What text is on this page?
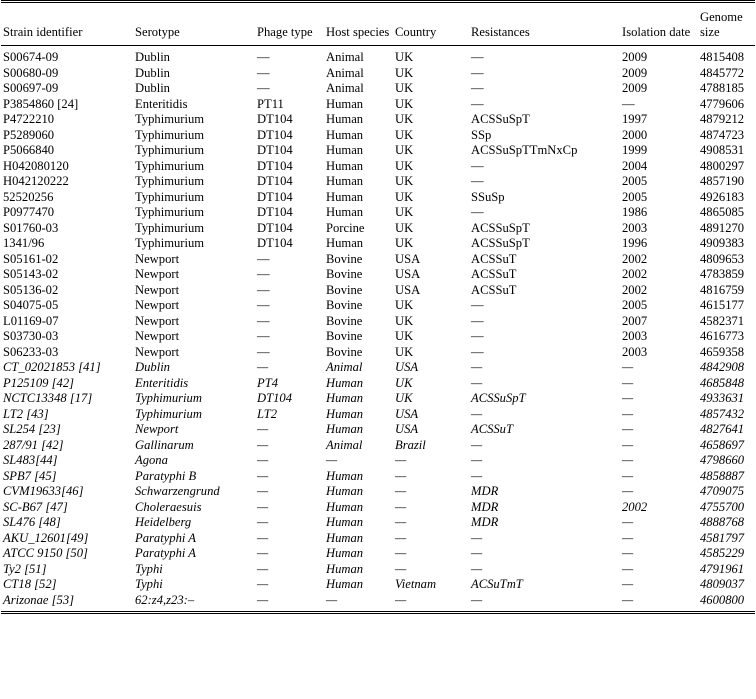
Strain identifier	Serotype	Phage type	Host species	Country	Resistances	Isolation date	Genome size
S00674-09	Dublin	—	Animal	UK	—	2009	4815408
S00680-09	Dublin	—	Animal	UK	—	2009	4845772
S00697-09	Dublin	—	Animal	UK	—	2009	4788185
P3854860 [24]	Enteritidis	PT11	Human	UK	—	—	4779606
P4722210	Typhimurium	DT104	Human	UK	ACSSuSpT	1997	4879212
P5289060	Typhimurium	DT104	Human	UK	SSp	2000	4874723
P5066840	Typhimurium	DT104	Human	UK	ACSSuSpTTmNxCp	1999	4908531
H042080120	Typhimurium	DT104	Human	UK	—	2004	4800297
H042120222	Typhimurium	DT104	Human	UK	—	2005	4857190
52520256	Typhimurium	DT104	Human	UK	SSuSp	2005	4926183
P0977470	Typhimurium	DT104	Human	UK	—	1986	4865085
S01760-03	Typhimurium	DT104	Porcine	UK	ACSSuSpT	2003	4891270
1341/96	Typhimurium	DT104	Human	UK	ACSSuSpT	1996	4909383
S05161-02	Newport	—	Bovine	USA	ACSSuT	2002	4809653
S05143-02	Newport	—	Bovine	USA	ACSSuT	2002	4783859
S05136-02	Newport	—	Bovine	USA	ACSSuT	2002	4816759
S04075-05	Newport	—	Bovine	UK	—	2005	4615177
L01169-07	Newport	—	Bovine	UK	—	2007	4582371
S03730-03	Newport	—	Bovine	UK	—	2003	4616773
S06233-03	Newport	—	Bovine	UK	—	2003	4659358
CT_02021853 [41]	Dublin	—	Animal	USA	—	—	4842908
P125109 [42]	Enteritidis	PT4	Human	UK	—	—	4685848
NCTC13348 [17]	Typhimurium	DT104	Human	UK	ACSSuSpT	—	4933631
LT2 [43]	Typhimurium	LT2	Human	USA	—	—	4857432
SL254 [23]	Newport	—	Human	USA	ACSSuT	—	4827641
287/91 [42]	Gallinarum	—	Animal	Brazil	—	—	4658697
SL483[44]	Agona	—	—	—	—	—	4798660
SPB7 [45]	Paratyphi B	—	Human	—	—	—	4858887
CVM19633[46]	Schwarzengrund	—	Human	—	MDR	—	4709075
SC-B67 [47]	Choleraesuis	—	Human	—	MDR	2002	4755700
SL476 [48]	Heidelberg	—	Human	—	MDR	—	4888768
AKU_12601[49]	Paratyphi A	—	Human	—	—	—	4581797
ATCC 9150 [50]	Paratyphi A	—	Human	—	—	—	4585229
Ty2 [51]	Typhi	—	Human	—	—	—	4791961
CT18 [52]	Typhi	—	Human	Vietnam	ACSuTmT	—	4809037
Arizonae [53]	62:z4,z23:–	—	—	—	—	—	4600800
